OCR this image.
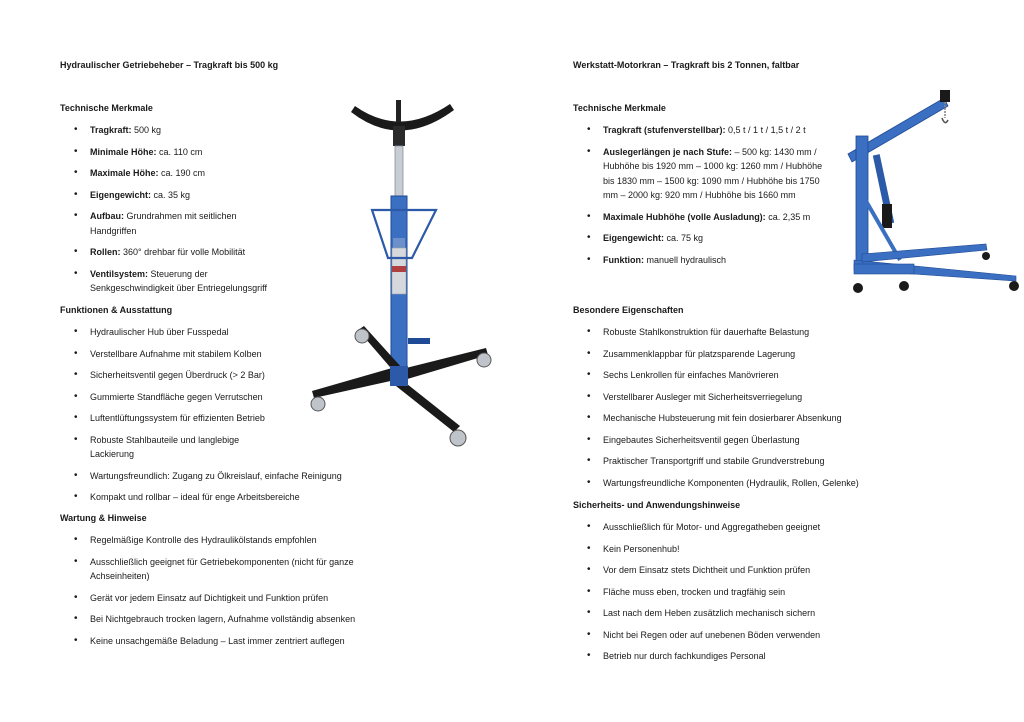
Hydraulischer Getriebeheber – Tragkraft bis 500 kg
Technische Merkmale
• Tragkraft: 500 kg
• Minimale Höhe: ca. 110 cm
• Maximale Höhe: ca. 190 cm
• Eigengewicht: ca. 35 kg
• Aufbau: Grundrahmen mit seitlichen Handgriffen
• Rollen: 360° drehbar für volle Mobilität
• Ventilsystem: Steuerung der Senkgeschwindigkeit über Entriegelungsgriff
Funktionen & Ausstattung
• Hydraulischer Hub über Fusspedal
• Verstellbare Aufnahme mit stabilem Kolben
• Sicherheitsventil gegen Überdruck (> 2 Bar)
• Gummierte Standfläche gegen Verrutschen
• Luftentlüftungssystem für effizienten Betrieb
• Robuste Stahlbauteile und langlebige Lackierung
• Wartungsfreundlich: Zugang zu Ölkreislauf, einfache Reinigung
• Kompakt und rollbar – ideal für enge Arbeitsbereiche
Wartung & Hinweise
• Regelmäßige Kontrolle des Hydraulikölstands empfohlen
• Ausschließlich geeignet für Getriebekomponenten (nicht für ganze Achseinheiten)
• Gerät vor jedem Einsatz auf Dichtigkeit und Funktion prüfen
• Bei Nichtgebrauch trocken lagern, Aufnahme vollständig absenken
• Keine unsachgemäße Beladung – Last immer zentriert auflegen
Werkstatt-Motorkran – Tragkraft bis 2 Tonnen, faltbar
Technische Merkmale
• Tragkraft (stufenverstellbar): 0,5 t / 1 t / 1,5 t / 2 t
• Auslegerlängen je nach Stufe: – 500 kg: 1430 mm / Hubhöhe bis 1920 mm – 1000 kg: 1260 mm / Hubhöhe bis 1830 mm – 1500 kg: 1090 mm / Hubhöhe bis 1750 mm – 2000 kg: 920 mm / Hubhöhe bis 1660 mm
• Maximale Hubhöhe (volle Ausladung): ca. 2,35 m
• Eigengewicht: ca. 75 kg
• Funktion: manuell hydraulisch
Besondere Eigenschaften
• Robuste Stahlkonstruktion für dauerhafte Belastung
• Zusammenklappbar für platzsparende Lagerung
• Sechs Lenkrollen für einfaches Manövrieren
• Verstellbarer Ausleger mit Sicherheitsverriegelung
• Mechanische Hubsteuerung mit fein dosierbarer Absenkung
• Eingebautes Sicherheitsventil gegen Überlastung
• Praktischer Transportgriff und stabile Grundverstrebung
• Wartungsfreundliche Komponenten (Hydraulik, Rollen, Gelenke)
Sicherheits- und Anwendungshinweise
• Ausschließlich für Motor- und Aggregatheben geeignet
• Kein Personenhub!
• Vor dem Einsatz stets Dichtheit und Funktion prüfen
• Fläche muss eben, trocken und tragfähig sein
• Last nach dem Heben zusätzlich mechanisch sichern
• Nicht bei Regen oder auf unebenen Böden verwenden
• Betrieb nur durch fachkundiges Personal
